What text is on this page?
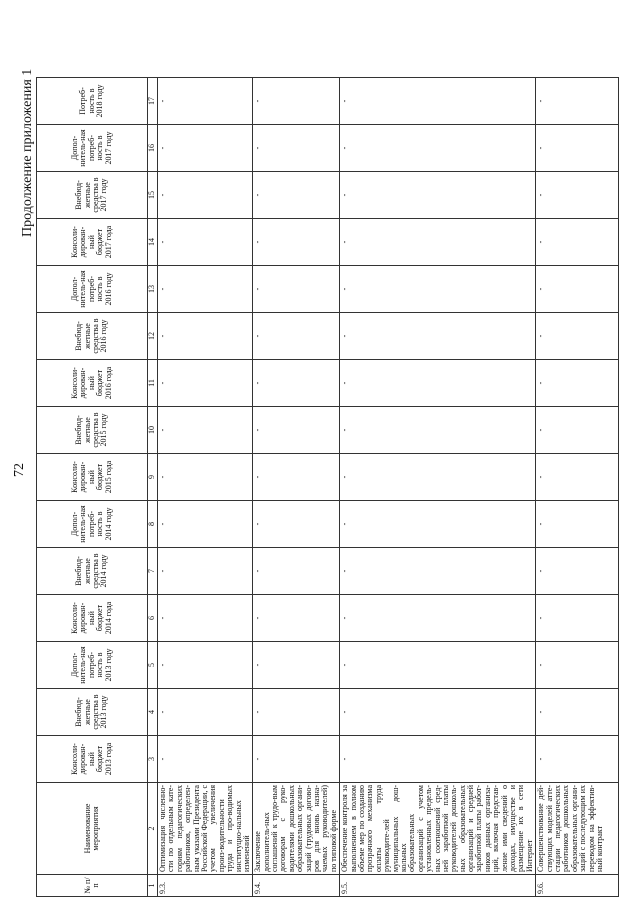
72
Продолжение приложения 1
№ п/п	Наименование мероприятия	Консоли-дирован-ный бюджет 2013 года	Внебюд-жетные средства в 2013 году	Допол-нитель-ная потреб-ность в 2013 году	Консоли-дирован-ный бюджет 2014 года	Внебюд-жетные средства в 2014 году	Допол-нитель-ная потреб-ность в 2014 году	Консоли-дирован-ный бюджет 2015 года	Внебюд-жетные средства в 2015 году	Консоли-дирован-ный бюджет 2016 года	Внебюд-жетные средства в 2016 году	Допол-нитель-ная потреб-ность в 2016 году	Консоли-дирован-ный бюджет 2017 года	Внебюд-жетные средства в 2017 году	Допол-нитель-ная потреб-ность в 2017 году	Потреб-ность в 2018 году
1	2	3	4	5	6	7	8	9	10	11	12	13	14	15	16	17
9.3.	Оптимизация численно-сти по отдельным кате-гориям педагогических работников, определен-ным указами Президента Российской Федерации, с учетом увеличения произ-водительности труда и про-водимых институцио-нальных изменений	-	-	-	-	-	-	-	-	-	-	-	-	-	-	-
9.4.	Заключение дополнитель-ных соглашений к трудо-вым договорам с руко-водителями дошкольных образовательных органи-заций (трудовых догово-ров для вновь назна-чаемых руководителей) по типовой форме	-	-	-	-	-	-	-	-	-	-	-	-	-	-	-
9.5.	Обеспечение контроля за выполнением в полном объеме мер по созданию прозрачного механизма оплаты труда руководите-лей муниципальных дош-кольных образовательных организаций с учетом установленных предель-ных соотношений сред-ней заработной платы руководителей дошколь-ных образовательных организаций и средней заработной платы работ-ников данных организа-ций, включая представ-ление ими сведений о доходах, имуществе и размещение их в сети Интернет	-	-	-	-	-	-	-	-	-	-	-	-	-	-	-
9.6.	Совершенствование дей-ствующих моделей атте-стации педагогических работников дошкольных образовательных органи-заций с последующим их переводом на эффектив-ный контракт	-	-	-	-	-	-	-	-	-	-	-	-	-	-	-
